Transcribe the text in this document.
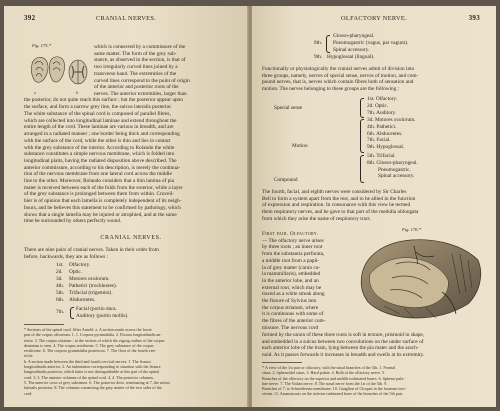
392	CRANIAL NERVES.
Fig. 175.*
a	b
which is connected by a commissure of the
same matter. The form of the grey sub-
stance, as observed in the section, is that of
two irregularly curved lines joined by a
transverse band. The extremities of the
curved lines correspond to the point of origin
of the anterior and posterior roots of the
nerves. The anterior extremities, larger than
the posterior, do not quite reach this surface ; but the posterior appear upon
the surface, and form a narrow grey line, the sulcus lateralis posterior.
The white substance of the spinal cord is composed of parallel fibres,
which are collected into longitudinal laminae and extend throughout the
entire length of the cord. These laminae are various in breadth, and are
arranged in a radiated manner ; one border being thick and corresponding
with the surface of the cord, while the other is thin and lies in contact
with the grey substance of the interior. According to Rolando the white
substance constitutes a simple nervous membrane, which is folded into
longitudinal plaits, having the radiated disposition above described. The
anterior commissure, according to his description, is merely the continua-
tion of the nervous membrane from one lateral cord across the middle
line to the other. Moreover, Rolando considers that a thin lamina of pia
mater is received between each of the folds from the exterior, while a layer
of the grey substance is prolonged between them from within. Cruveil-
hier is of opinion that each lamella is completely independent of its neigh-
bours, and he believes this statement to be confirmed by pathology, which
shows that a single lamella may be injured or atrophied, and at the same
time be surrounded by others perfectly sound.
CRANIAL NERVES.
There are nine pairs of cranial nerves. Taken in their order from
before, backwards, they are as follows :
1st. Olfactory.
2d. Optic.
3d. Motores oculorum.
4th. Pathetici (trochleares).
5th. Trifacial (trigemini).
6th. Abducentes.
7th. Facial (portio dura.
Auditory (portio mollis).
* Sections of the spinal cord. After Arnold. a. A section made across the lower
part of the corpus olivarium. 1, 1. Corpora pyramidalia. 2. Fissura longitudinalis an-
terior. 3. The corpus striatum ; in the section of which the zigzag outline of the corpus
dentatum is seen. 4. The corpus restiforme. 5. The grey substance of the corpus
restiforme. 6. The corpora pyramidalia posteriora. 7. The floor of the fourth ven-
tricle.
b. A section made between the third and fourth cervical nerves. 1. The fissura
longitudinalis anterior. 2. An indentation corresponding to situation with the fissura
longitudinalis posterior, which latter is not distinguishable at this part of the spinal
cord. 3, 3. The anterior columns of the spinal cord. 4, 4. The posterior columns.
5. The anterior cross of grey substance. 6. The posterior ditto, terminating at 7, the sulcus
lateralis posterior. 8. The columns connecting the grey matter of the two sides of the
cord.
OLFACTORY NERVE.	393
Glosso-pharyngeal.
8th. Pneumogastric (vagus, par vagum).
Spinal accessory.
9th. Hypoglossal (lingual).
Functionally or physiologically the cranial nerves admit of division into
three groups, namely, nerves of special sense, nerves of motion, and com-
pound nerves, that is, nerves which contain fibres both of sensation and
motion. The nerves belonging to these groups are the following :
Special sense
1st. Olfactory.
2d. Optic.
7th. Auditory.
Motion
3d. Motores oculorum.
4th. Pathetici.
6th. Abducentes.
7th. Facial.
9th. Hypoglossal.
Compound
5th. Trifacial.
8th. Glosso-pharyngeal.
Pneumogastric.
Spinal accessory.
The fourth, facial, and eighth nerves were considered by Sir Charles
Bell to form a system apart from the rest, and to be allied in the function
of expression and respiration. In consonance with this view he termed
them respiratory nerves, and he gave to that part of the medulla oblongata
from which they arise the name of respiratory tract.
Fig. 176.*
First pair. Olfactory.
— The olfactory nerve arises
by three roots ; an inner root
from the substantia perforata,
a middle root from a papil-
la of grey matter (carun cu-
la mammillaris), embedded
in the anterior lobe, and an
external root, which may be
traced as a white streak along
the fissure of Sylvius into
the corpus striatum, where
it is continuous with some of
the fibres of the anterior com-
missure. The nervous cord
formed by the union of these three roots is soft in texture, prismoid in shape,
and embedded in a sulcus between two convolutions on the under surface of
each anterior lobe of the brain, lying between the pia mater and the arach-
noid. As it passes forwards it increases in breadth and swells at its extremity.
* A view of the 1st pair or olfactory, with the nasal branches of the 5th. 1. Frontal
sinus. 2. Sphenoidal sinus. 3. Hard palate. 4. Bulb of the olfactory nerve. 5.
Branches of the olfactory on the superior and middle turbinated bones. 6. Spheno-pala-
tine nerve. 7. The Vidian nerve. 8. The nasal nerve from the 1st of the 5th. 9.
Branches of 7, to Schneiderian membrane. 10. Ganglion of Cloquet in the foramen inci-
sivum. 11. Anastomosis on the inferior turbinated bone of the branches of the 5th pair.
